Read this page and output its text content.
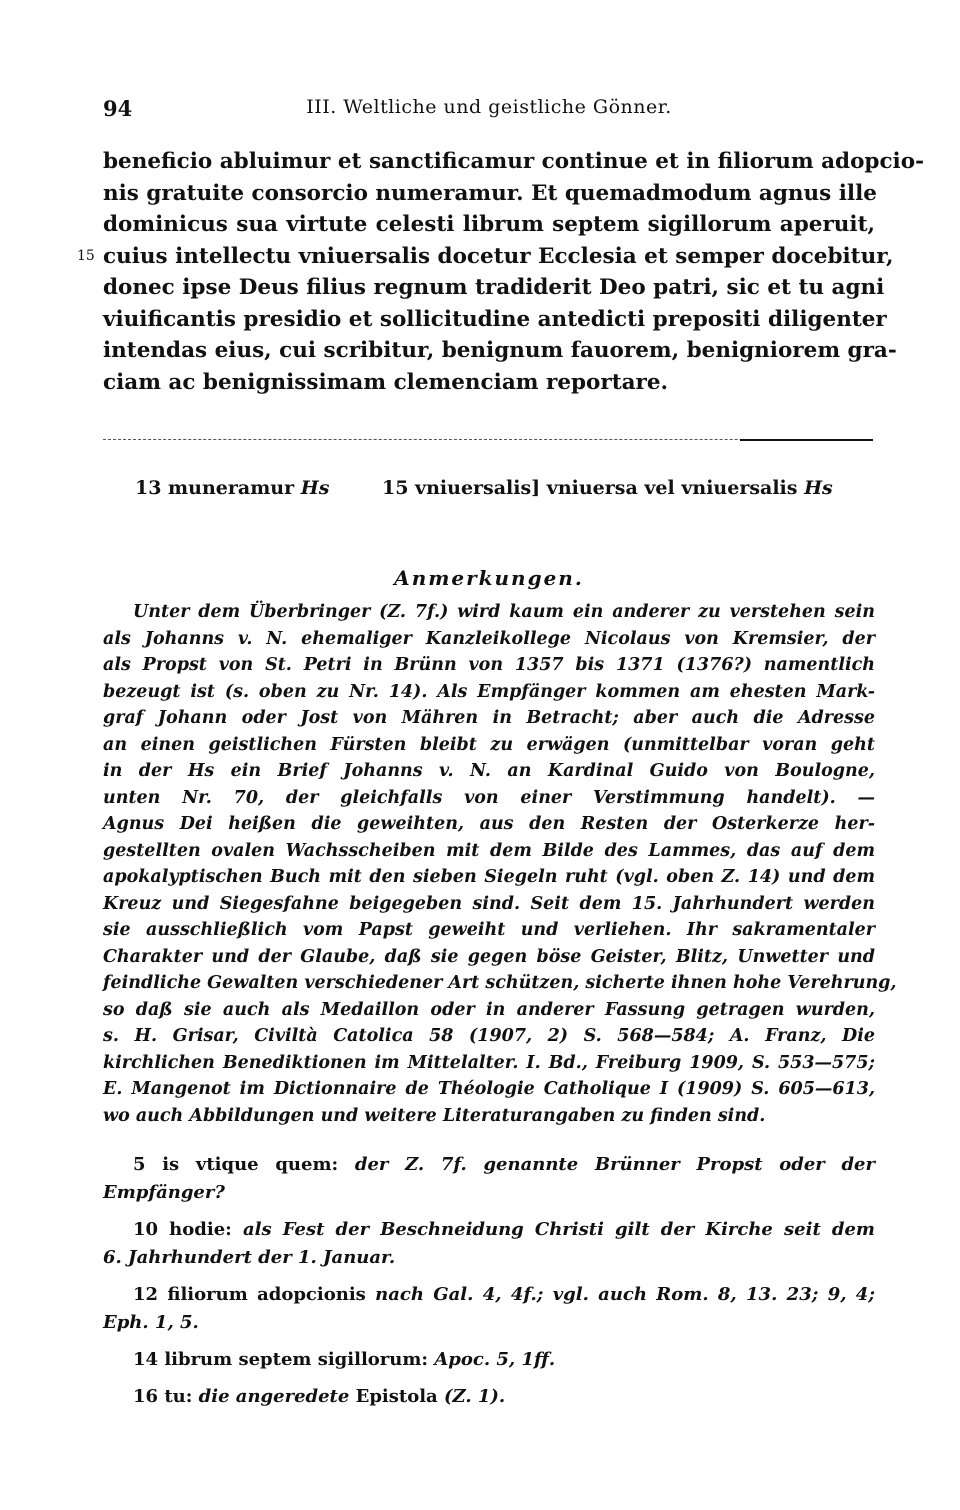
94	III. Weltliche und geistliche Gönner.
beneficio abluimur et sanctificamur continue et in filiorum adopcio-
nis gratuite consorcio numeramur. Et quemadmodum agnus ille
dominicus sua virtute celesti librum septem sigillorum aperuit,
15 cuius intellectu vniuersalis docetur Ecclesia et semper docebitur,
donec ipse Deus filius regnum tradiderit Deo patri, sic et tu agni
viuificantis presidio et sollicitudine antedicti prepositi diligenter
intendas eius, cui scribitur, benignum fauorem, benigniorem gra-
ciam ac benignissimam clemenciam reportare.
13 muneramur Hs	15 vniuersalis] vniuersa vel vniuersalis Hs
Anmerkungen.
Unter dem Überbringer (Z. 7f.) wird kaum ein anderer zu verstehen sein
als Johanns v. N. ehemaliger Kanzleikollege Nicolaus von Kremsier, der
als Propst von St. Petri in Brünn von 1357 bis 1371 (1376?) namentlich
bezeugt ist (s. oben zu Nr. 14). Als Empfänger kommen am ehesten Mark-
graf Johann oder Jost von Mähren in Betracht; aber auch die Adresse
an einen geistlichen Fürsten bleibt zu erwägen (unmittelbar voran geht
in der Hs ein Brief Johanns v. N. an Kardinal Guido von Boulogne,
unten Nr. 70, der gleichfalls von einer Verstimmung handelt). —
Agnus Dei heißen die geweihten, aus den Resten der Osterkerze her-
gestellten ovalen Wachsscheiben mit dem Bilde des Lammes, das auf dem
apokalyptischen Buch mit den sieben Siegeln ruht (vgl. oben Z. 14) und dem
Kreuz und Siegesfahne beigegeben sind. Seit dem 15. Jahrhundert werden
sie ausschließlich vom Papst geweiht und verliehen. Ihr sakramentaler
Charakter und der Glaube, daß sie gegen böse Geister, Blitz, Unwetter und
feindliche Gewalten verschiedener Art schützen, sicherte ihnen hohe Verehrung,
so daß sie auch als Medaillon oder in anderer Fassung getragen wurden,
s. H. Grisar, Civiltà Catolica 58 (1907, 2) S. 568—584; A. Franz, Die
kirchlichen Benediktionen im Mittelalter. I. Bd., Freiburg 1909, S. 553—575;
E. Mangenot im Dictionnaire de Théologie Catholique I (1909) S. 605—613,
wo auch Abbildungen und weitere Literaturangaben zu finden sind.
5 is vtique quem: der Z. 7f. genannte Brünner Propst oder der
Empfänger?
10 hodie: als Fest der Beschneidung Christi gilt der Kirche seit dem
6. Jahrhundert der 1. Januar.
12 filiorum adopcionis nach Gal. 4, 4f.; vgl. auch Rom. 8, 13. 23; 9, 4;
Eph. 1, 5.
14 librum septem sigillorum: Apoc. 5, 1ff.
16 tu: die angeredete Epistola (Z. 1).
